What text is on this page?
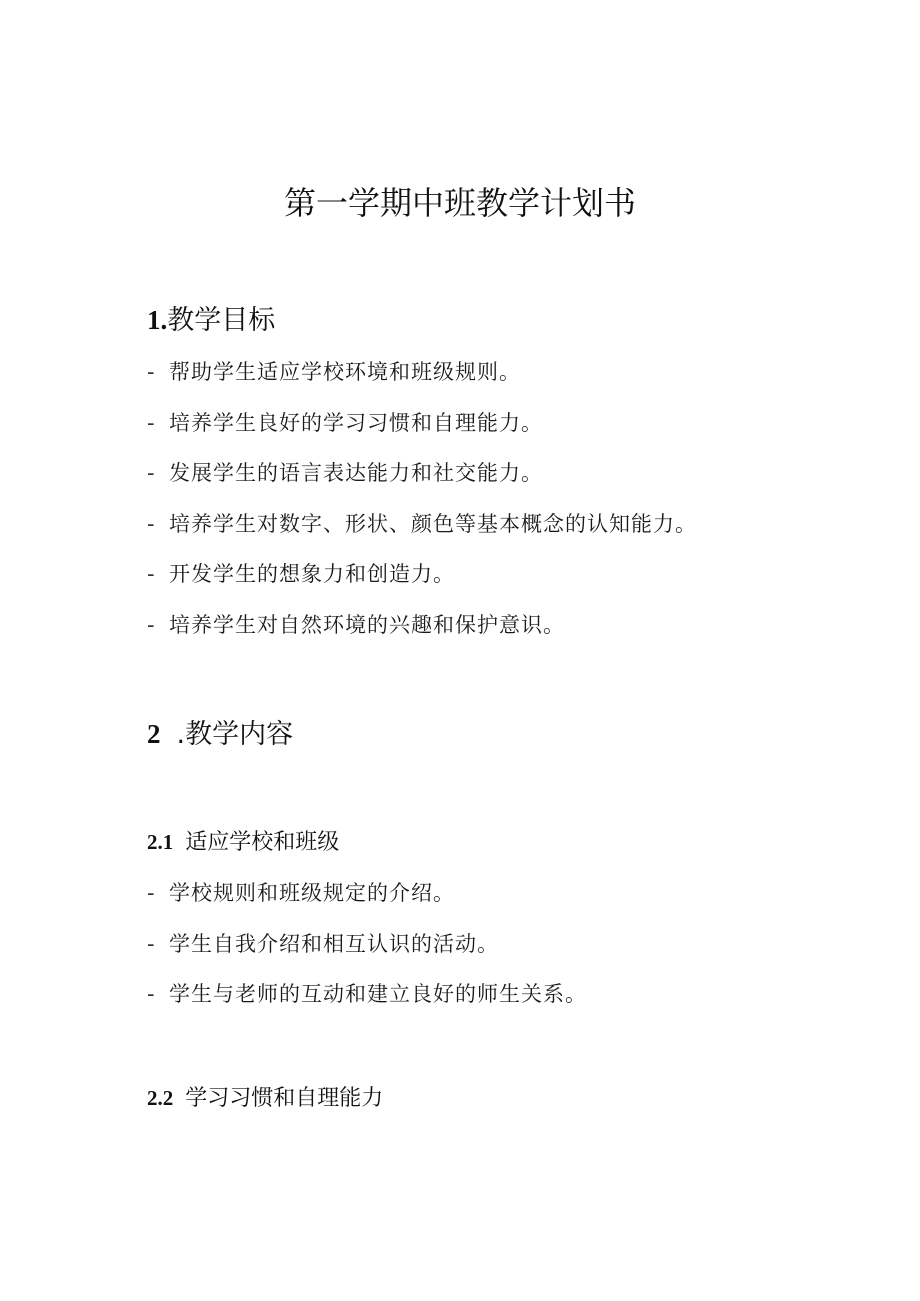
第一学期中班教学计划书
1.教学目标
- 帮助学生适应学校环境和班级规则。
- 培养学生良好的学习习惯和自理能力。
- 发展学生的语言表达能力和社交能力。
- 培养学生对数字、形状、颜色等基本概念的认知能力。
- 开发学生的想象力和创造力。
- 培养学生对自然环境的兴趣和保护意识。
2 .教学内容
2.1 适应学校和班级
- 学校规则和班级规定的介绍。
- 学生自我介绍和相互认识的活动。
- 学生与老师的互动和建立良好的师生关系。
2.2 学习习惯和自理能力
